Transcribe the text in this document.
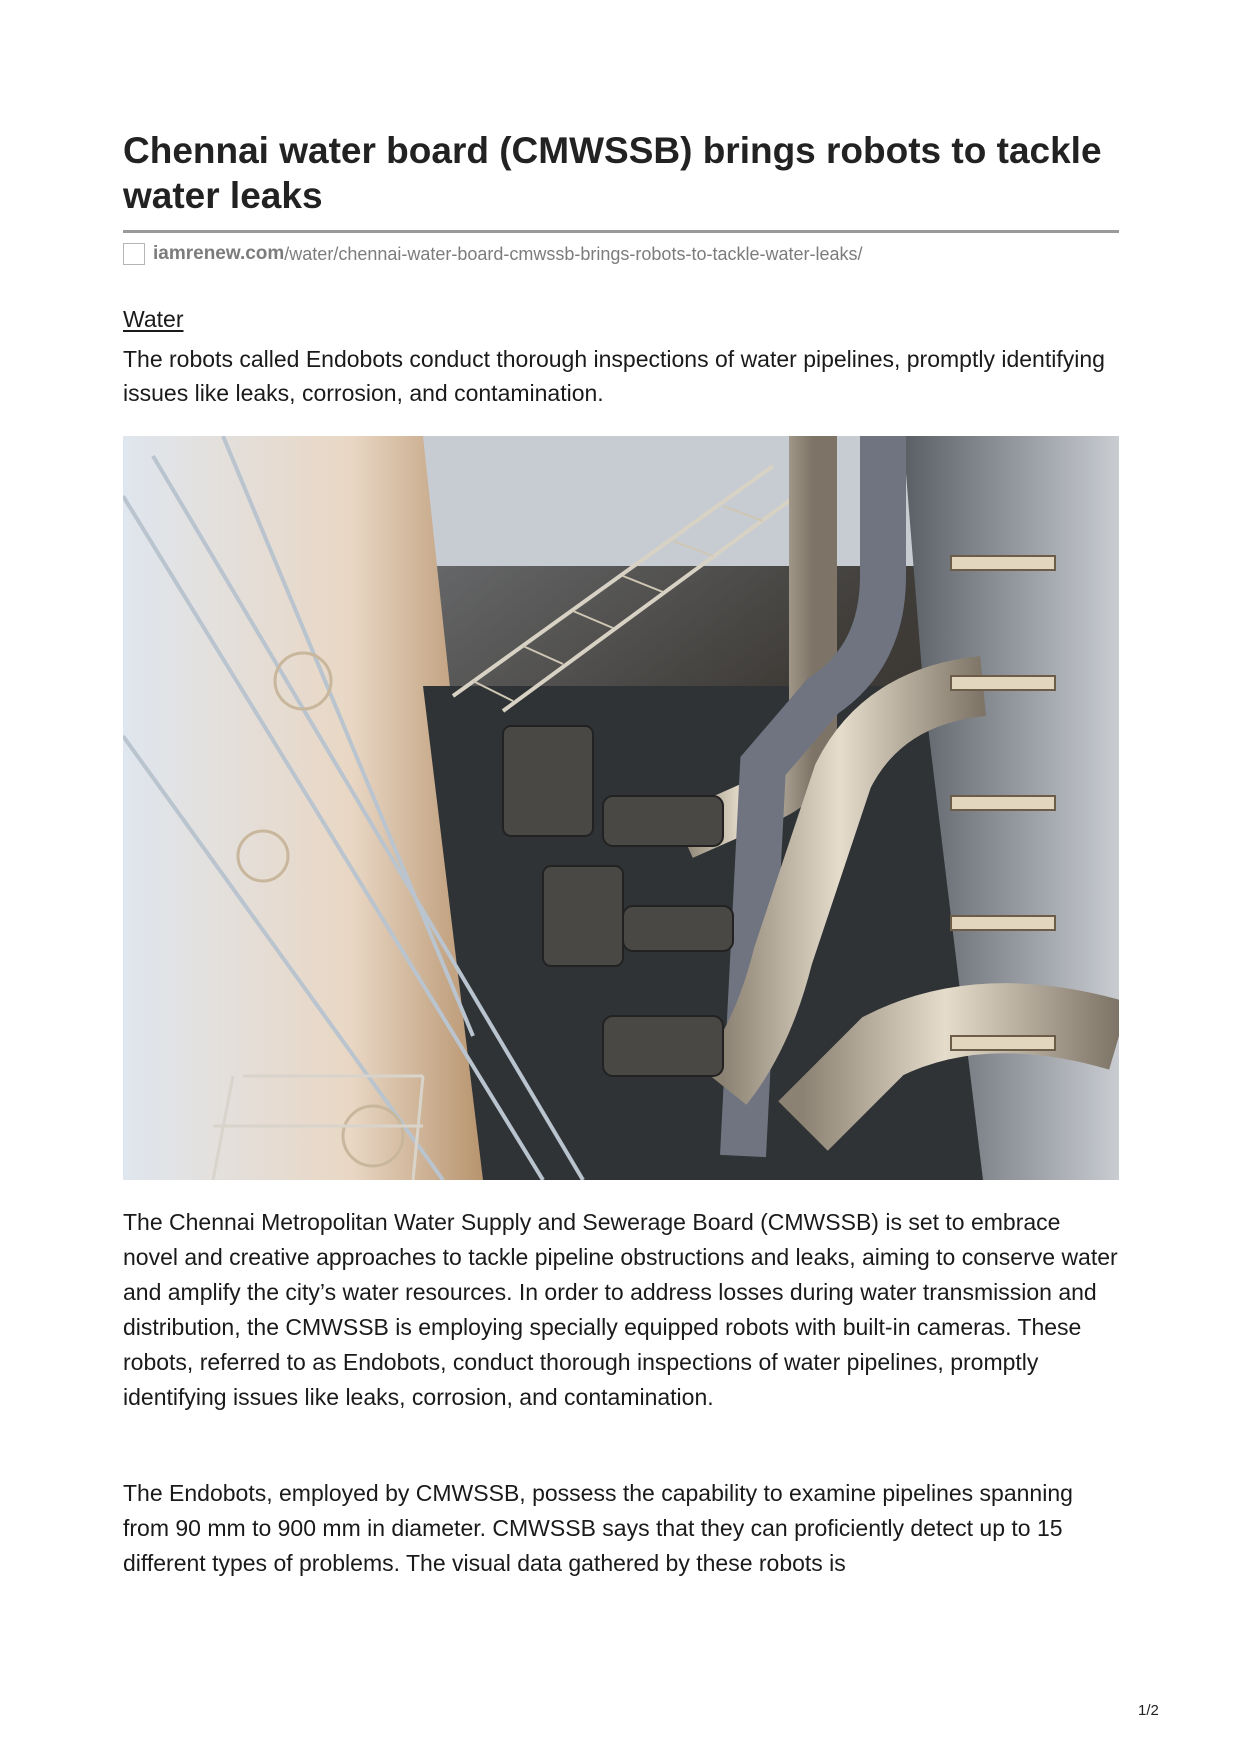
Chennai water board (CMWSSB) brings robots to tackle water leaks
iamrenew.com /water/chennai-water-board-cmwssb-brings-robots-to-tackle-water-leaks/
Water

The robots called Endobots conduct thorough inspections of water pipelines, promptly identifying issues like leaks, corrosion, and contamination.

The Chennai Metropolitan Water Supply and Sewerage Board (CMWSSB) is set to embrace novel and creative approaches to tackle pipeline obstructions and leaks, aiming to conserve water and amplify the city’s water resources. In order to address losses during water transmission and distribution, the CMWSSB is employing specially equipped robots with built-in cameras. These robots, referred to as Endobots, conduct thorough inspections of water pipelines, promptly identifying issues like leaks, corrosion, and contamination.

The Endobots, employed by CMWSSB, possess the capability to examine pipelines spanning from 90 mm to 900 mm in diameter. CMWSSB says that they can proficiently detect up to 15 different types of problems. The visual data gathered by these robots is

1/2
